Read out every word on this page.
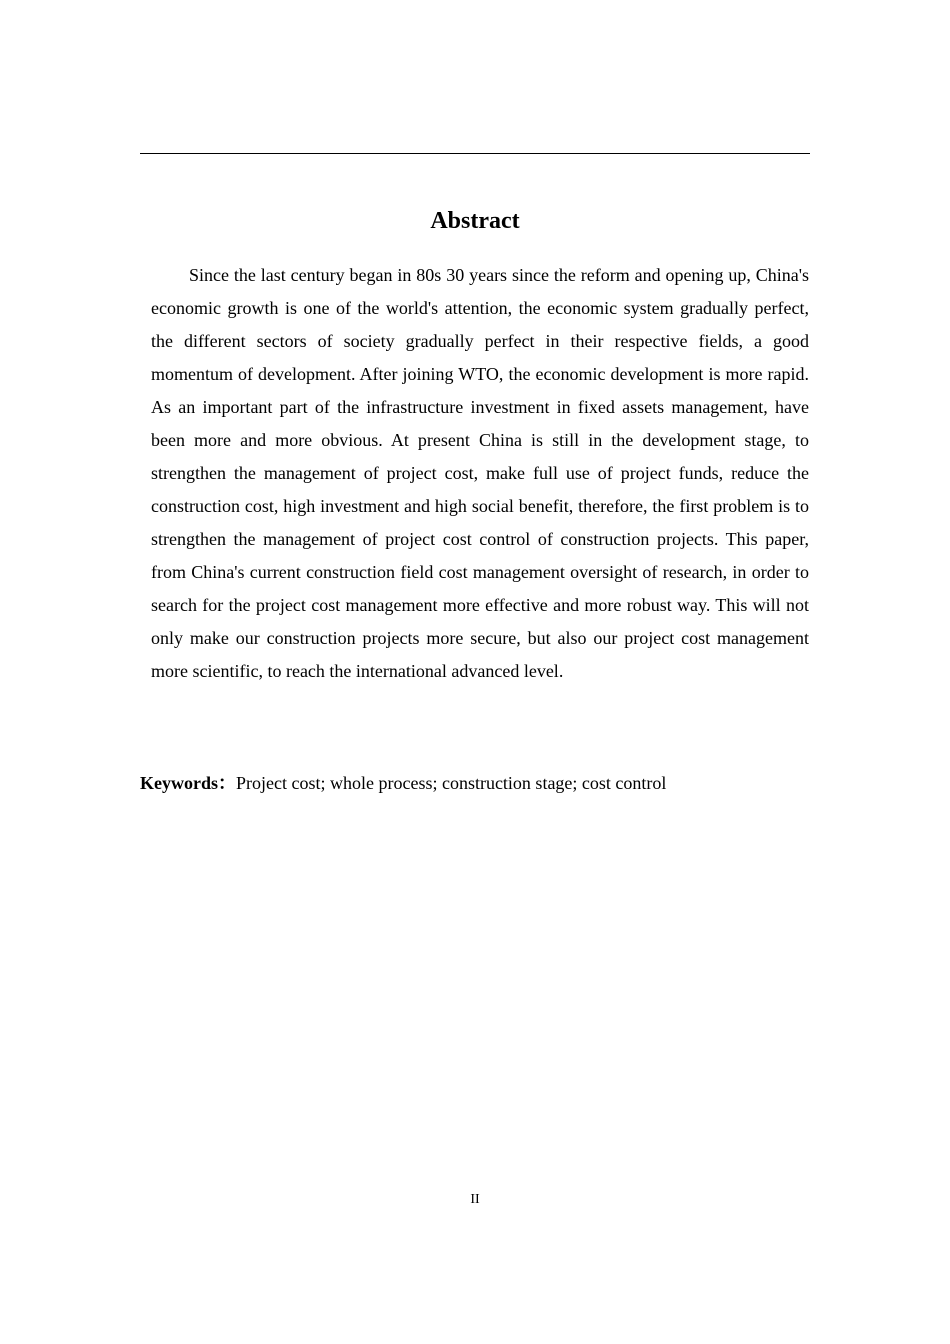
Abstract

Since the last century began in 80s 30 years since the reform and opening up, China's economic growth is one of the world's attention, the economic system gradually perfect, the different sectors of society gradually perfect in their respective fields, a good momentum of development. After joining WTO, the economic development is more rapid. As an important part of the infrastructure investment in fixed assets management, have been more and more obvious. At present China is still in the development stage, to strengthen the management of project cost, make full use of project funds, reduce the construction cost, high investment and high social benefit, therefore, the first problem is to strengthen the management of project cost control of construction projects. This paper, from China's current construction field cost management oversight of research, in order to search for the project cost management more effective and more robust way. This will not only make our construction projects more secure, but also our project cost management more scientific, to reach the international advanced level.

Keywords：Project cost; whole process; construction stage; cost control

II
